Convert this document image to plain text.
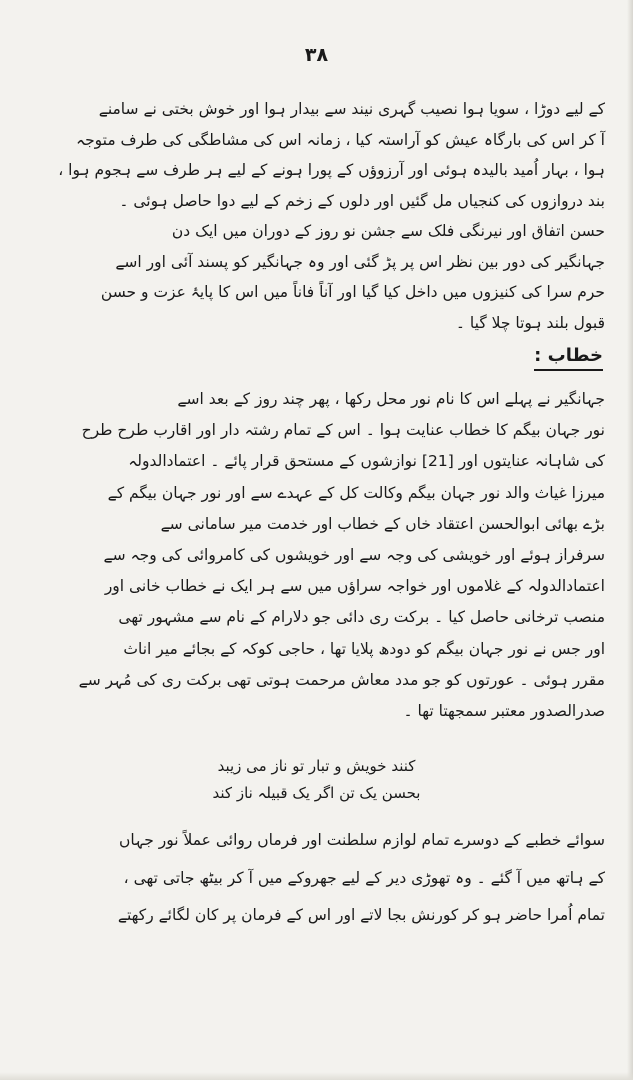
۳۸
کے لیے دوڑا ، سویا ہوا نصیب گہری نیند سے بیدار ہوا اور خوش بختی نے سامنے
آ کر اس کی بارگاہ عیش کو آراستہ کیا ، زمانہ اس کی مشاطگی کی طرف متوجہ
ہوا ، بہار اُمید بالیدہ ہوئی اور آرزوؤں کے پورا ہونے کے لیے ہر طرف سے ہجوم ہوا ،
بند دروازوں کی کنجیاں مل گئیں اور دلوں کے زخم کے لیے دوا حاصل ہوئی ۔
حسن اتفاق اور نیرنگی فلک سے جشن نو روز کے دوران میں ایک دن
جہانگیر کی دور بین نظر اس پر پڑ گئی اور وہ جہانگیر کو پسند آئی اور اسے
حرم سرا کی کنیزوں میں داخل کیا گیا اور آناً فاناً میں اس کا پایۂ عزت و حسن
قبول بلند ہوتا چلا گیا ۔
خطاب :
جہانگیر نے پہلے اس کا نام نور محل رکھا ، پھر چند روز کے بعد اسے
نور جہان بیگم کا خطاب عنایت ہوا ۔ اس کے تمام رشتہ دار اور اقارب طرح طرح
کی شاہانہ عنایتوں اور [21] نوازشوں کے مستحق قرار پائے ۔ اعتمادالدولہ
میرزا غیاث والد نور جہان بیگم وکالت کل کے عہدے سے اور نور جہان بیگم کے
بڑے بھائی ابوالحسن اعتقاد خاں کے خطاب اور خدمت میر سامانی سے
سرفراز ہوئے اور خویشی کی وجہ سے اور خویشوں کی کامروائی کی وجہ سے
اعتمادالدولہ کے غلاموں اور خواجہ سراؤں میں سے ہر ایک نے خطاب خانی اور
منصب ترخانی حاصل کیا ۔ برکت ری دائی جو دلارام کے نام سے مشہور تھی
اور جس نے نور جہان بیگم کو دودھ پلایا تھا ، حاجی کوکہ کے بجائے میر اناث
مقرر ہوئی ۔ عورتوں کو جو مدد معاش مرحمت ہوتی تھی برکت ری کی مُہر سے
صدرالصدور معتبر سمجھتا تھا ۔
کنند خویش و تبار تو ناز می زیبد
بحسن یک تن اگر یک قبیلہ ناز کند
سوائے خطبے کے دوسرے تمام لوازم سلطنت اور فرماں روائی عملاً نور جہاں
کے ہاتھ میں آ گئے ۔ وہ تھوڑی دیر کے لیے جھروکے میں آ کر بیٹھ جاتی تھی ،
تمام اُمرا حاضر ہو کر کورنش بجا لاتے اور اس کے فرمان پر کان لگائے رکھتے
